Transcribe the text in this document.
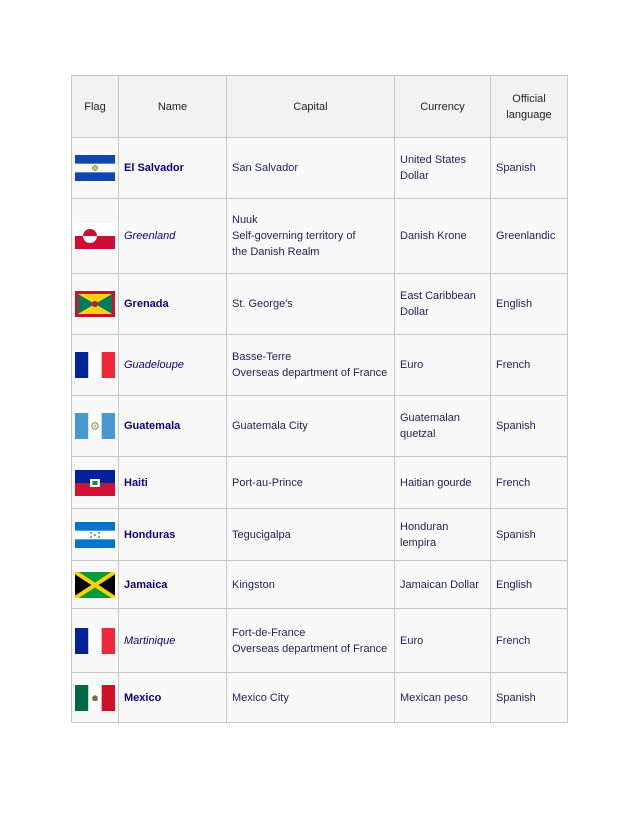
Flag	Name	Capital	Currency	Official language

	El Salvador	San Salvador	United States
Dollar	Spanish

	Greenland	Nuuk
Self-governing territory of
the Danish Realm	Danish Krone	Greenlandic

	Grenada	St. George's	East Caribbean
Dollar	English

	Guadeloupe	Basse-Terre
Overseas department of France	Euro	French

	Guatemala	Guatemala City	Guatemalan
quetzal	Spanish

	Haiti	Port-au-Prince	Haitian gourde	French

	Honduras	Tegucigalpa	Honduran lempira	Spanish

	Jamaica	Kingston	Jamaican Dollar	English

	Martinique	Fort-de-France
Overseas department of France	Euro	French

	Mexico	Mexico City	Mexican peso	Spanish
